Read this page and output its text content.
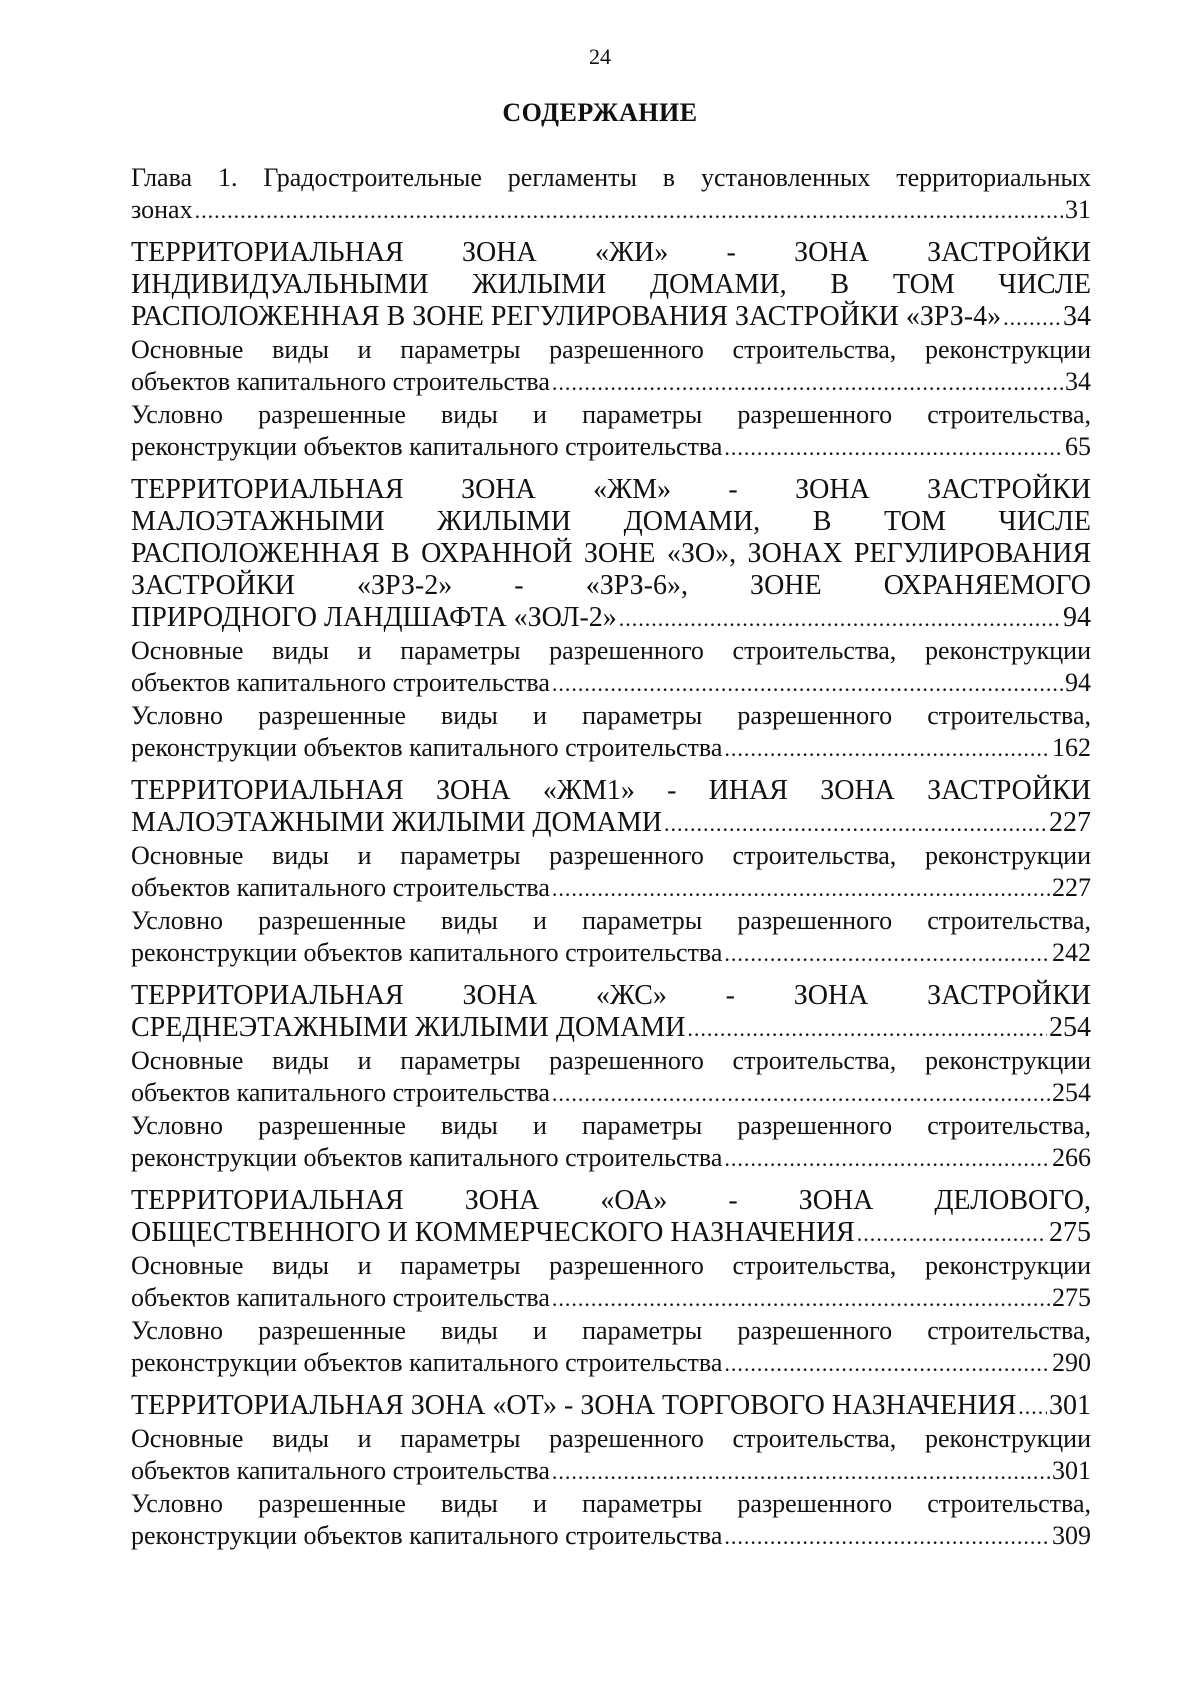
24
СОДЕРЖАНИЕ
Глава 1. Градостроительные регламенты в установленных территориальных
зонах .....	31
ТЕРРИТОРИАЛЬНАЯ ЗОНА «ЖИ» - ЗОНА ЗАСТРОЙКИ ИНДИВИДУАЛЬНЫМИ ЖИЛЫМИ ДОМАМИ, В ТОМ ЧИСЛЕ
РАСПОЛОЖЕННАЯ В ЗОНЕ РЕГУЛИРОВАНИЯ ЗАСТРОЙКИ «ЗРЗ-4» ..... 34
Основные виды и параметры разрешенного строительства, реконструкции
объектов капитального строительства .....	34
Условно разрешенные виды и параметры разрешенного строительства,
реконструкции объектов капитального строительства .....	65
ТЕРРИТОРИАЛЬНАЯ ЗОНА «ЖМ» - ЗОНА ЗАСТРОЙКИ МАЛОЭТАЖНЫМИ ЖИЛЫМИ ДОМАМИ, В ТОМ ЧИСЛЕ РАСПОЛОЖЕННАЯ В ОХРАННОЙ ЗОНЕ «ЗО», ЗОНАХ РЕГУЛИРОВАНИЯ ЗАСТРОЙКИ «ЗРЗ-2» - «ЗРЗ-6», ЗОНЕ ОХРАНЯЕМОГО
ПРИРОДНОГО ЛАНДШАФТА «ЗОЛ-2» .....	94
Основные виды и параметры разрешенного строительства, реконструкции
объектов капитального строительства .....	94
Условно разрешенные виды и параметры разрешенного строительства,
реконструкции объектов капитального строительства .....	162
ТЕРРИТОРИАЛЬНАЯ ЗОНА «ЖМ1» - ИНАЯ ЗОНА ЗАСТРОЙКИ
МАЛОЭТАЖНЫМИ ЖИЛЫМИ ДОМАМИ .....	227
Основные виды и параметры разрешенного строительства, реконструкции
объектов капитального строительства .....	227
Условно разрешенные виды и параметры разрешенного строительства,
реконструкции объектов капитального строительства .....	242
ТЕРРИТОРИАЛЬНАЯ ЗОНА «ЖС» - ЗОНА ЗАСТРОЙКИ
СРЕДНЕЭТАЖНЫМИ ЖИЛЫМИ ДОМАМИ .....	254
Основные виды и параметры разрешенного строительства, реконструкции
объектов капитального строительства .....	254
Условно разрешенные виды и параметры разрешенного строительства,
реконструкции объектов капитального строительства .....	266
ТЕРРИТОРИАЛЬНАЯ ЗОНА «ОА» - ЗОНА ДЕЛОВОГО,
ОБЩЕСТВЕННОГО И КОММЕРЧЕСКОГО НАЗНАЧЕНИЯ .....	275
Основные виды и параметры разрешенного строительства, реконструкции
объектов капитального строительства .....	275
Условно разрешенные виды и параметры разрешенного строительства,
реконструкции объектов капитального строительства .....	290
ТЕРРИТОРИАЛЬНАЯ ЗОНА «ОТ» - ЗОНА ТОРГОВОГО НАЗНАЧЕНИЯ ..... 301
Основные виды и параметры разрешенного строительства, реконструкции
объектов капитального строительства .....	301
Условно разрешенные виды и параметры разрешенного строительства,
реконструкции объектов капитального строительства .....	309
